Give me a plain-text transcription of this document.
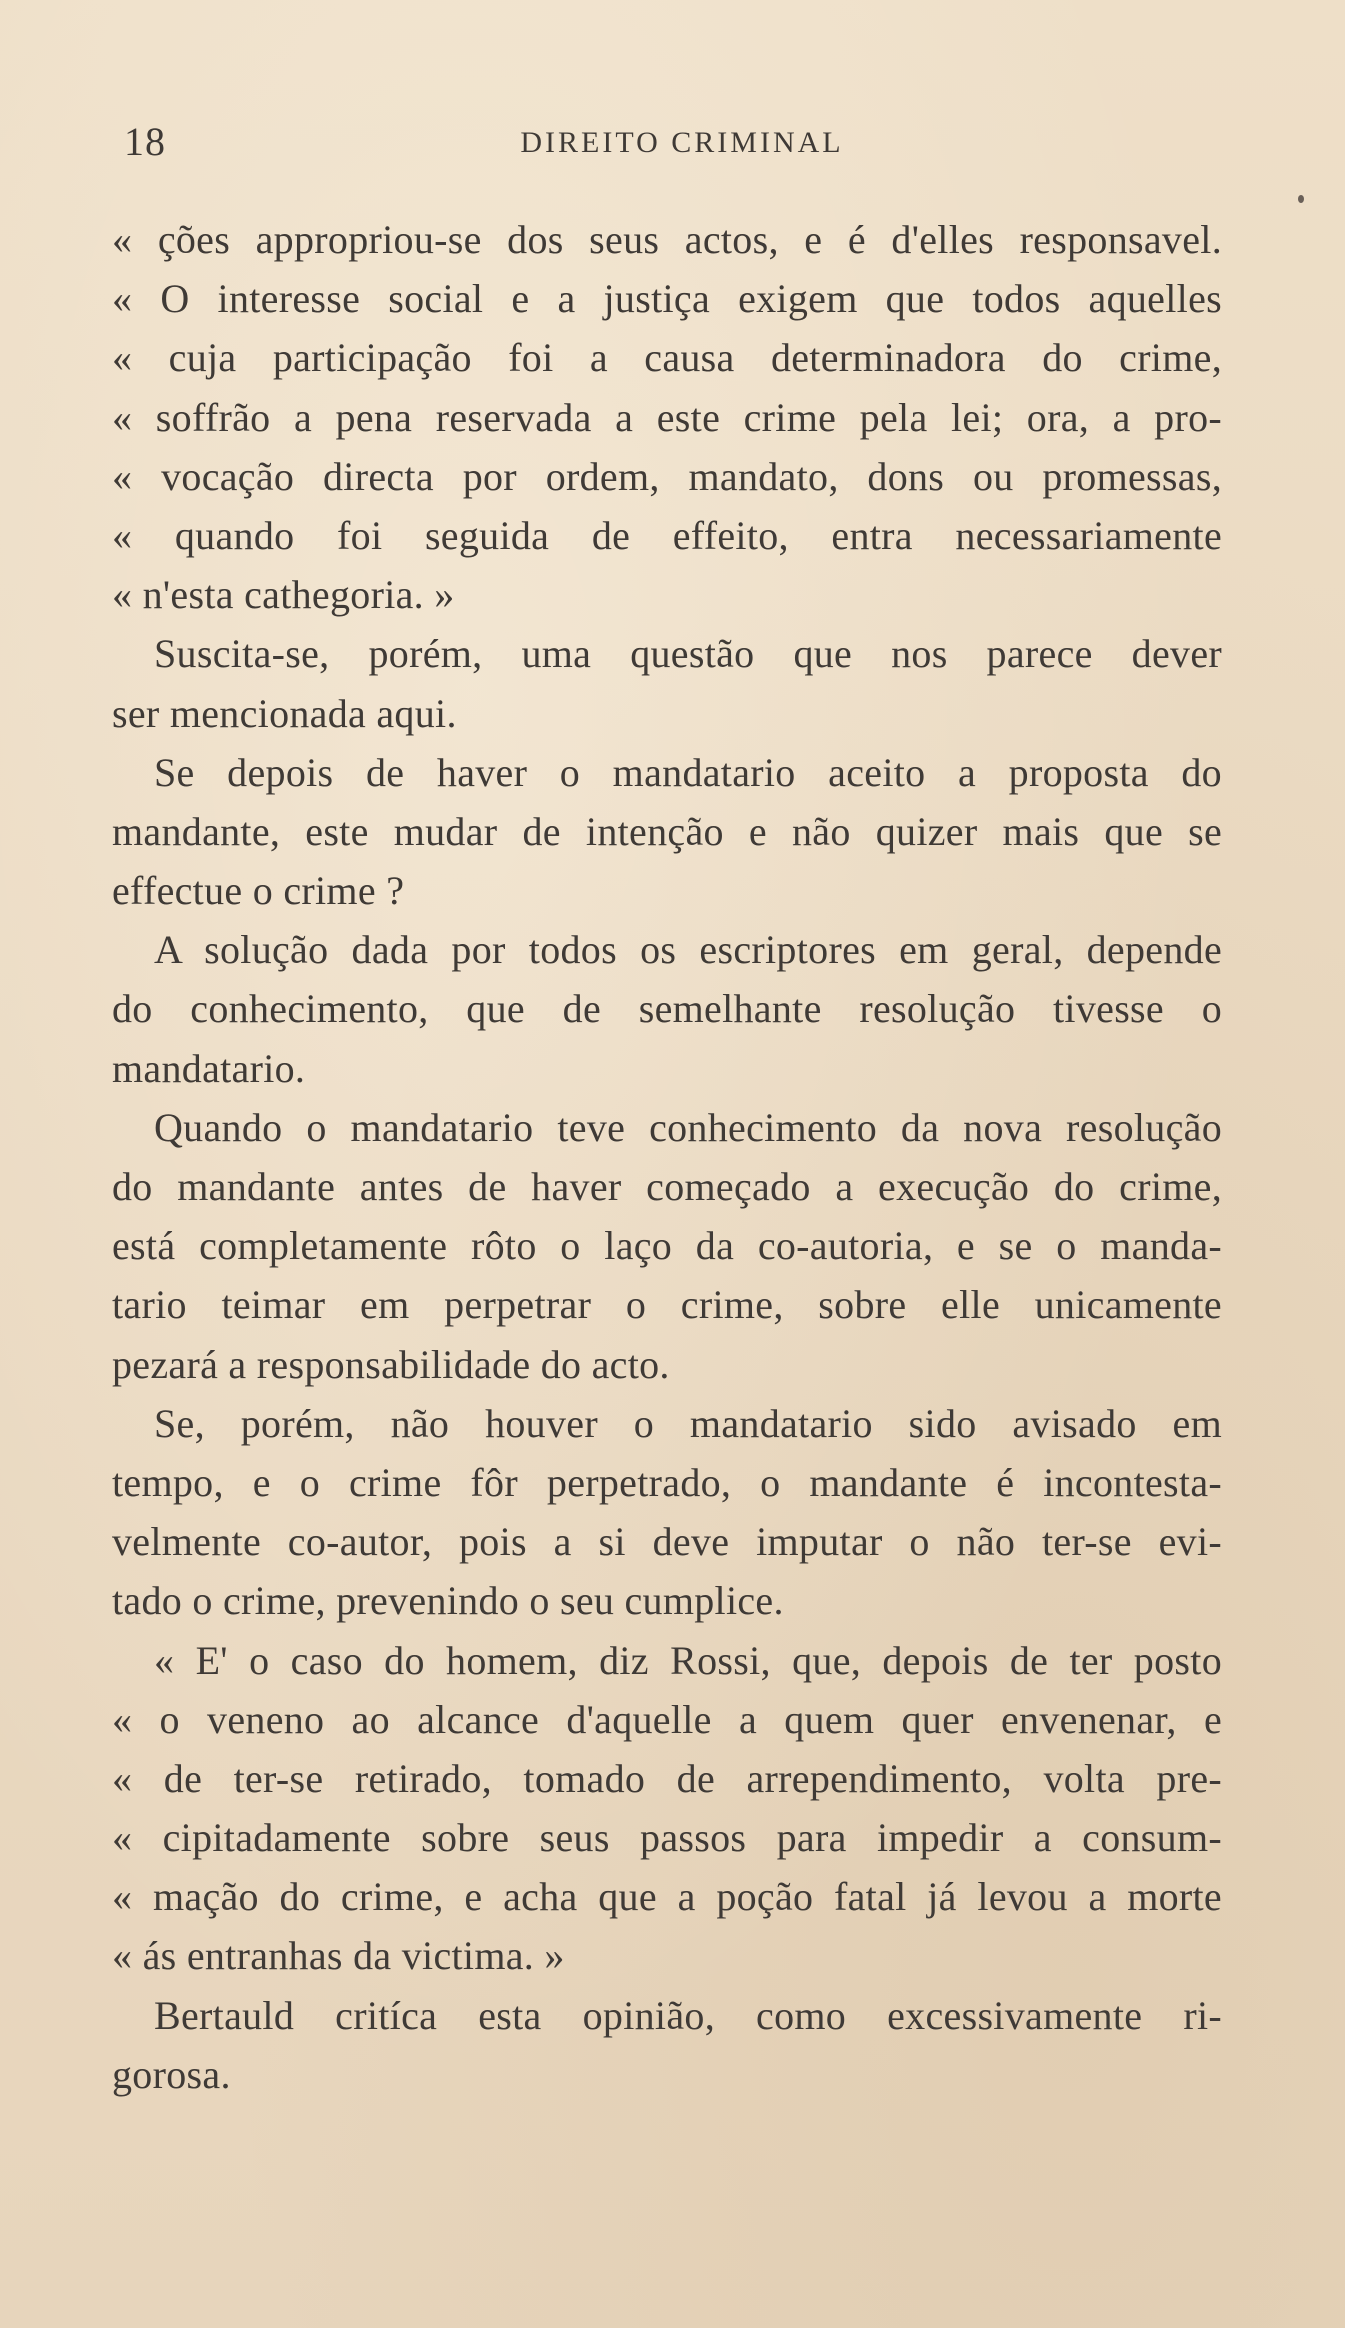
18	DIREITO CRIMINAL
« ções appropriou-se dos seus actos, e é d'elles responsavel.
« O interesse social e a justiça exigem que todos aquelles
« cuja participação foi a causa determinadora do crime,
« soffrão a pena reservada a este crime pela lei; ora, a pro-
« vocação directa por ordem, mandato, dons ou promessas,
« quando foi seguida de effeito, entra necessariamente
« n'esta cathegoria. »
Suscita-se, porém, uma questão que nos parece dever
ser mencionada aqui.
Se depois de haver o mandatario aceito a proposta do
mandante, este mudar de intenção e não quizer mais que se
effectue o crime ?
A solução dada por todos os escriptores em geral, depende
do conhecimento, que de semelhante resolução tivesse o
mandatario.
Quando o mandatario teve conhecimento da nova resolução
do mandante antes de haver começado a execução do crime,
está completamente rôto o laço da co-autoria, e se o manda-
tario teimar em perpetrar o crime, sobre elle unicamente
pezará a responsabilidade do acto.
Se, porém, não houver o mandatario sido avisado em
tempo, e o crime fôr perpetrado, o mandante é incontesta-
velmente co-autor, pois a si deve imputar o não ter-se evi-
tado o crime, prevenindo o seu cumplice.
« E' o caso do homem, diz Rossi, que, depois de ter posto
« o veneno ao alcance d'aquelle a quem quer envenenar, e
« de ter-se retirado, tomado de arrependimento, volta pre-
« cipitadamente sobre seus passos para impedir a consum-
« mação do crime, e acha que a poção fatal já levou a morte
« ás entranhas da victima. »
Bertauld critíca esta opinião, como excessivamente ri-
gorosa.
